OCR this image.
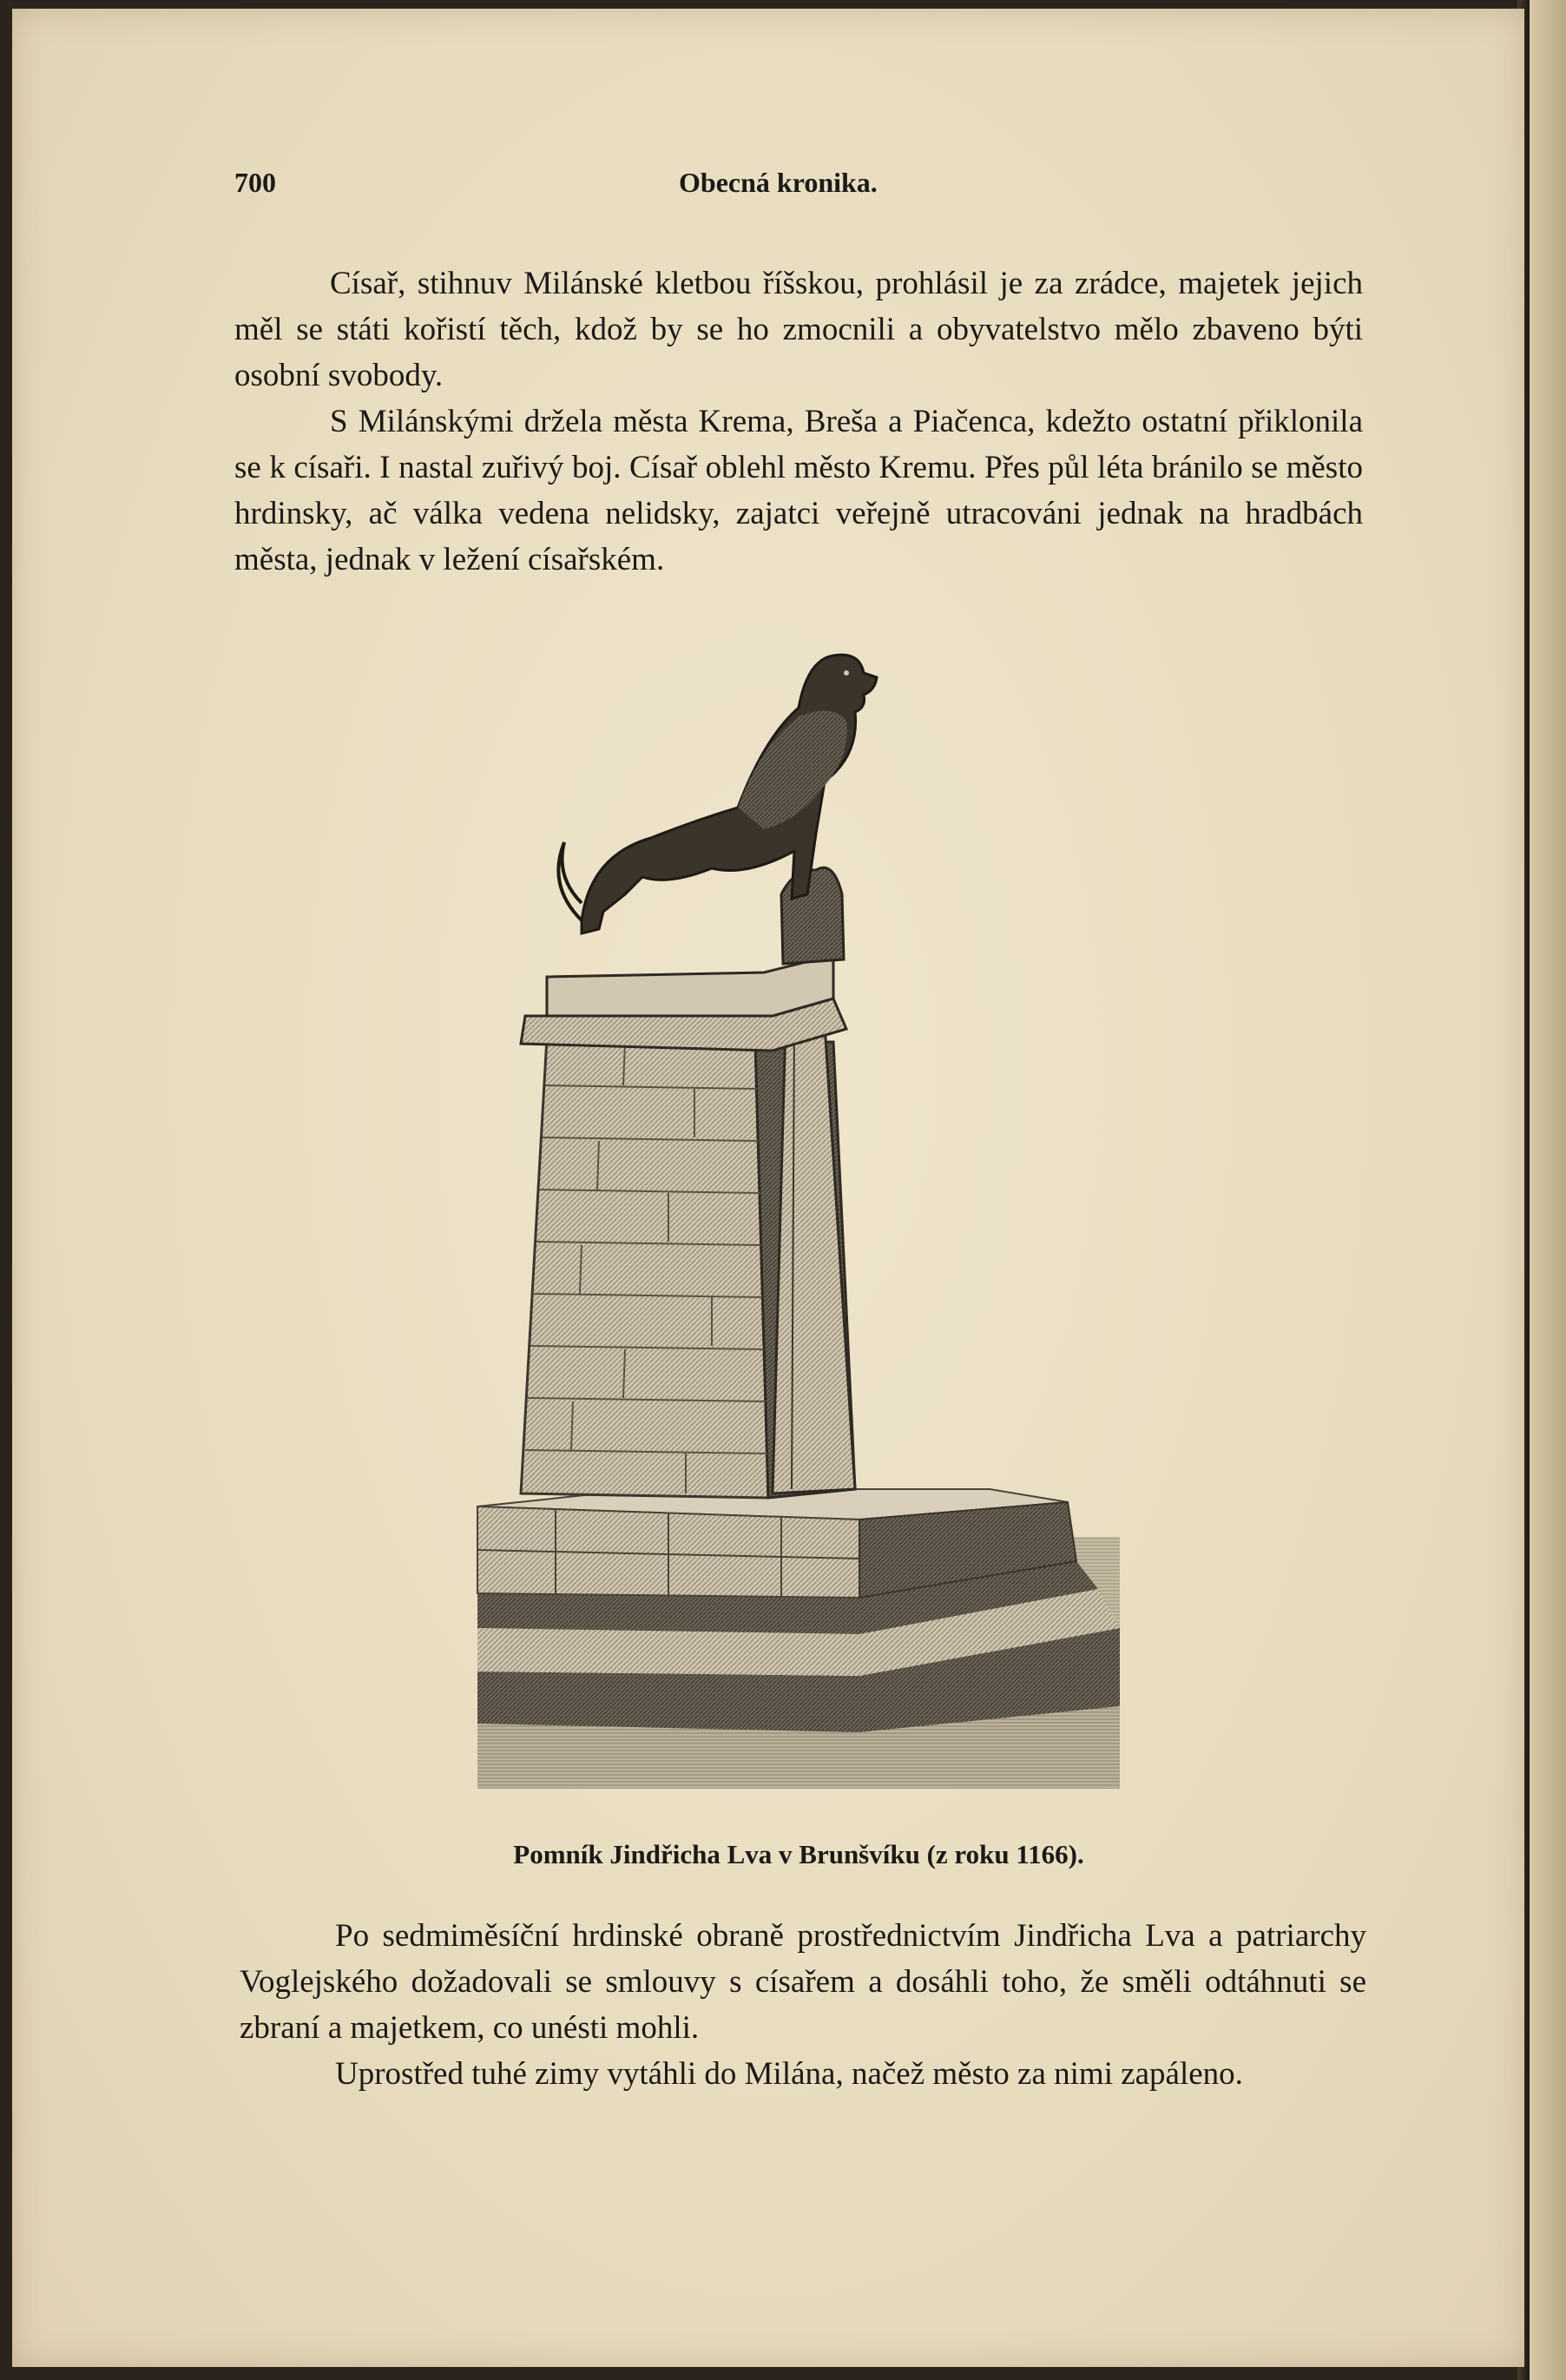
700	Obecná kronika.

Císař, stihnuv Milánské kletbou říšskou, prohlásil je za zrádce, majetek jejich měl se státi kořistí těch, kdož by se ho zmocnili a obyvatelstvo mělo zbaveno býti osobní svobody.

S Milánskými držela města Krema, Breša a Piačenca, kdežto ostatní přiklonila se k císaři. I nastal zuřivý boj. Císař oblehl město Kremu. Přes půl léta bránilo se město hrdinsky, ač válka vedena nelidsky, zajatci veřejně utracováni jednak na hradbách města, jednak v ležení císařském.

Pomník Jindřicha Lva v Brunšvíku (z roku 1166).

Po sedmiměsíční hrdinské obraně prostřednictvím Jindřicha Lva a patriarchy Voglejského dožadovali se smlouvy s císařem a dosáhli toho, že směli odtáhnuti se zbraní a majetkem, co unésti mohli.

Uprostřed tuhé zimy vytáhli do Milána, načež město za nimi zapáleno.
